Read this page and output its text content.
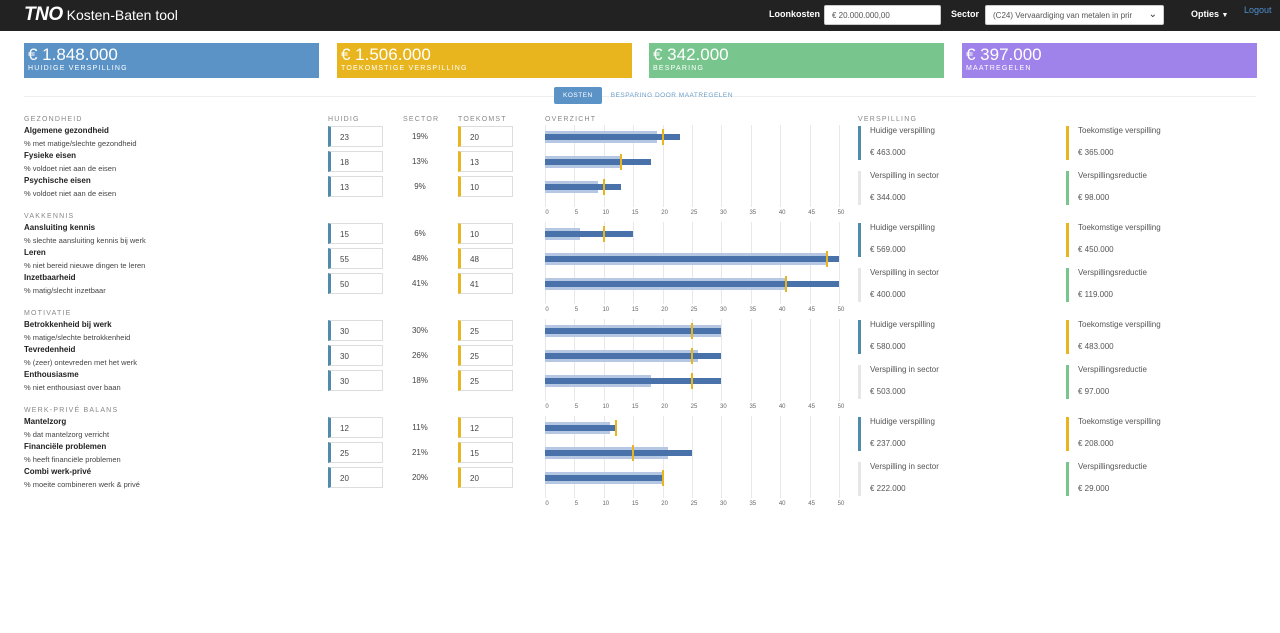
TNO Kosten-Baten tool	Loonkosten	€ 20.000.000,00	Sector	(C24) Vervaardiging van metalen in prir ⌄	Opties ▼
Logout
€ 1.848.000
HUIDIGE VERSPILLING
€ 1.506.000
TOEKOMSTIGE VERSPILLING
€ 342.000
BESPARING
€ 397.000
MAATREGELEN
KOSTEN	BESPARING DOOR MAATREGELEN
HUIDIG	SECTOR	TOEKOMST	OVERZICHT	VERSPILLING
GEZONDHEID
Algemene gezondheid
% met matige/slechte gezondheid
23	19%	20
Fysieke eisen
% voldoet niet aan de eisen
18	13%	13
Psychische eisen
% voldoet niet aan de eisen
13	9%	10
0	5	10	15	20	25	30	35	40	45	50
Huidige verspilling
€ 463.000
Toekomstige verspilling
€ 365.000
Verspilling in sector
€ 344.000
Verspillingsreductie
€ 98.000
VAKKENNIS
Aansluiting kennis
% slechte aansluiting kennis bij werk
15	6%	10
Leren
% niet bereid nieuwe dingen te leren
55	48%	48
Inzetbaarheid
% matig/slecht inzetbaar
50	41%	41
0	5	10	15	20	25	30	35	40	45	50
Huidige verspilling
€ 569.000
Toekomstige verspilling
€ 450.000
Verspilling in sector
€ 400.000
Verspillingsreductie
€ 119.000
MOTIVATIE
Betrokkenheid bij werk
% matige/slechte betrokkenheid
30	30%	25
Tevredenheid
% (zeer) ontevreden met het werk
30	26%	25
Enthousiasme
% niet enthousiast over baan
30	18%	25
0	5	10	15	20	25	30	35	40	45	50
Huidige verspilling
€ 580.000
Toekomstige verspilling
€ 483.000
Verspilling in sector
€ 503.000
Verspillingsreductie
€ 97.000
WERK-PRIVÉ BALANS
Mantelzorg
% dat mantelzorg verricht
12	11%	12
Financiële problemen
% heeft financiële problemen
25	21%	15
Combi werk-privé
% moeite combineren werk & privé
20	20%	20
0	5	10	15	20	25	30	35	40	45	50
Huidige verspilling
€ 237.000
Toekomstige verspilling
€ 208.000
Verspilling in sector
€ 222.000
Verspillingsreductie
€ 29.000
